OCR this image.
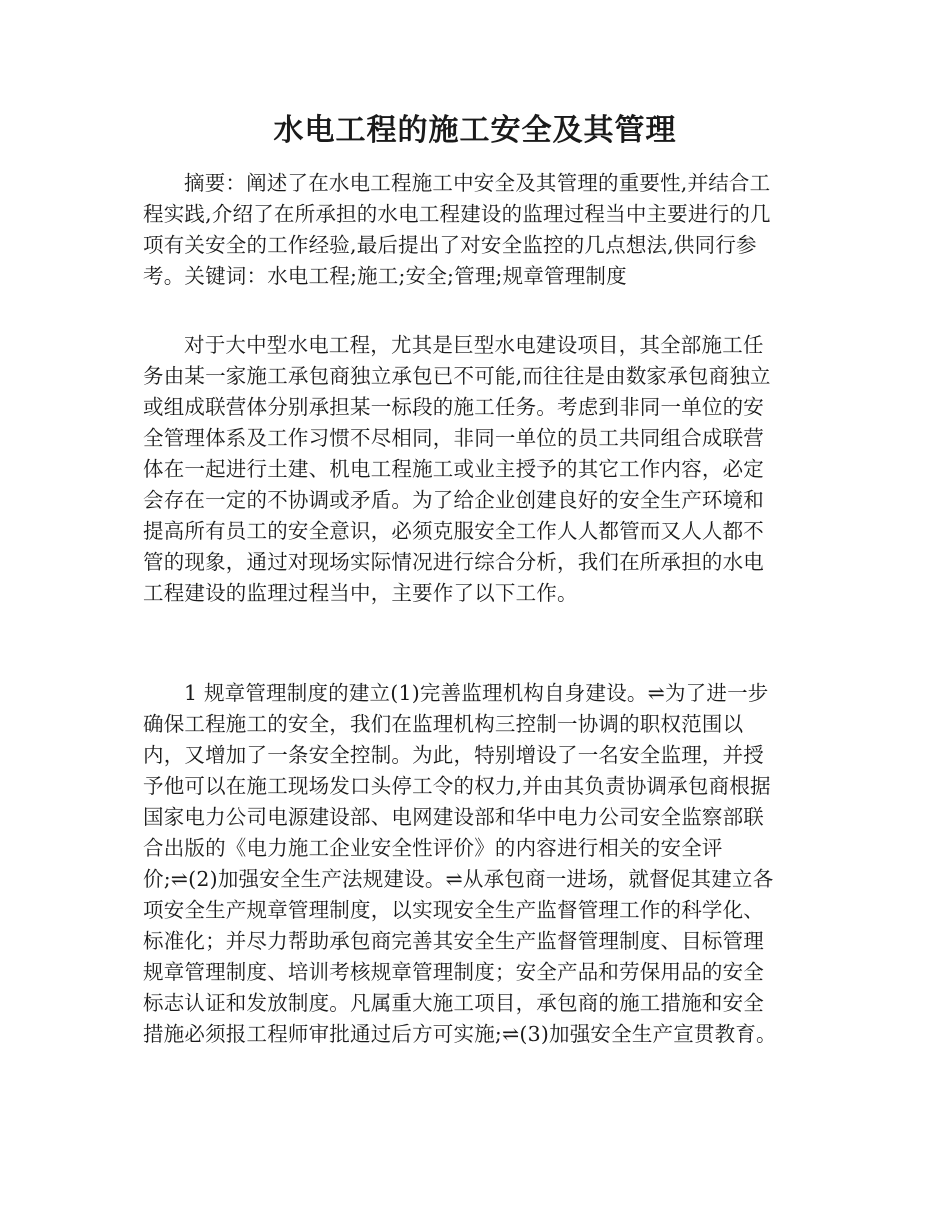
水电工程的施工安全及其管理
摘要：阐述了在水电工程施工中安全及其管理的重要性,并结合工
程实践,介绍了在所承担的水电工程建设的监理过程当中主要进行的几
项有关安全的工作经验,最后提出了对安全监控的几点想法,供同行参
考。关键词：水电工程;施工;安全;管理;规章管理制度
对于大中型水电工程，尤其是巨型水电建设项目，其全部施工任
务由某一家施工承包商独立承包已不可能,而往往是由数家承包商独立
或组成联营体分别承担某一标段的施工任务。考虑到非同一单位的安
全管理体系及工作习惯不尽相同，非同一单位的员工共同组合成联营
体在一起进行土建、机电工程施工或业主授予的其它工作内容，必定
会存在一定的不协调或矛盾。为了给企业创建良好的安全生产环境和
提高所有员工的安全意识，必须克服安全工作人人都管而又人人都不
管的现象，通过对现场实际情况进行综合分析，我们在所承担的水电
工程建设的监理过程当中，主要作了以下工作。
1 规章管理制度的建立(1)完善监理机构自身建设。⇌为了进一步
确保工程施工的安全，我们在监理机构三控制一协调的职权范围以
内，又增加了一条安全控制。为此，特别增设了一名安全监理，并授
予他可以在施工现场发口头停工令的权力,并由其负责协调承包商根据
国家电力公司电源建设部、电网建设部和华中电力公司安全监察部联
合出版的《电力施工企业安全性评价》的内容进行相关的安全评
价;⇌(2)加强安全生产法规建设。⇌从承包商一进场，就督促其建立各
项安全生产规章管理制度，以实现安全生产监督管理工作的科学化、
标准化；并尽力帮助承包商完善其安全生产监督管理制度、目标管理
规章管理制度、培训考核规章管理制度；安全产品和劳保用品的安全
标志认证和发放制度。凡属重大施工项目，承包商的施工措施和安全
措施必须报工程师审批通过后方可实施;⇌(3)加强安全生产宣贯教育。
